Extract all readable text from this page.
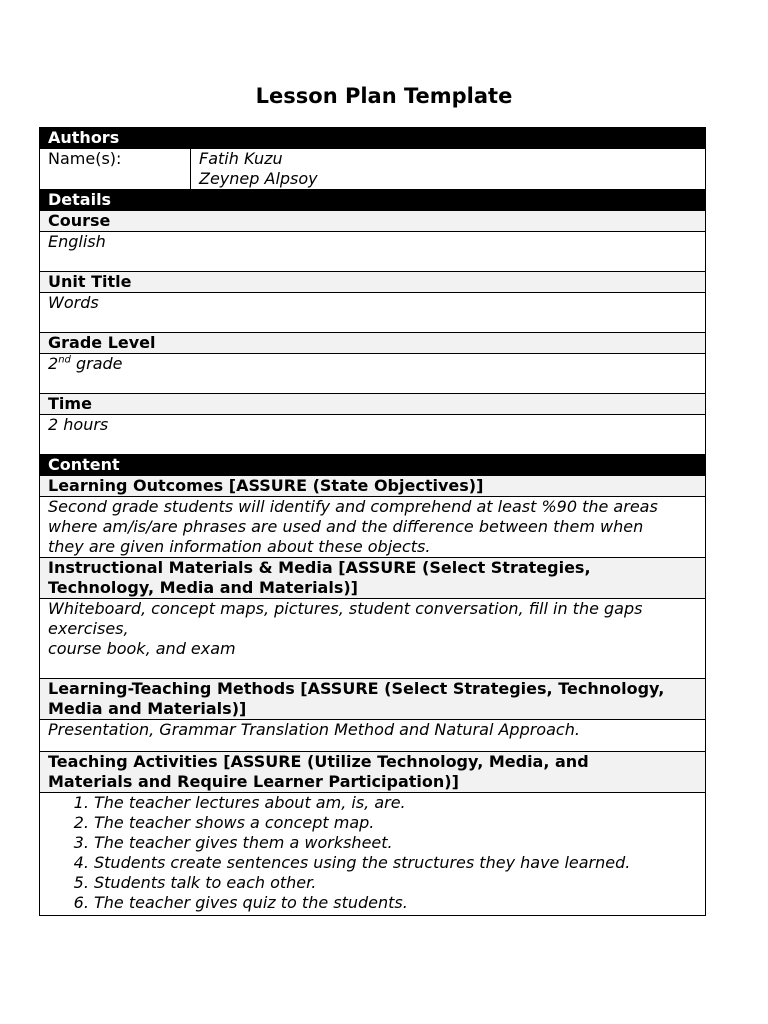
Lesson Plan Template
Authors
Name(s):	Fatih Kuzu
Zeynep Alpsoy

Details
Course
English
Unit Title
Words
Grade Level
2nd grade
Time
2 hours
Content
Learning Outcomes [ASSURE (State Objectives)]
Second grade students will identify and comprehend at least %90 the areas where am/is/are phrases are used and the difference between them when they are given information about these objects.
Instructional Materials & Media [ASSURE (Select Strategies, Technology, Media and Materials)]

Whiteboard, concept maps, pictures, student conversation, fill in the gaps exercises,
course book, and exam

Learning-Teaching Methods [ASSURE (Select Strategies, Technology, Media and Materials)]
Presentation, Grammar Translation Method and Natural Approach.
Teaching Activities [ASSURE (Utilize Technology, Media, and Materials and Require Learner Participation)]

1. The teacher lectures about am, is, are.
2. The teacher shows a concept map.
3. The teacher gives them a worksheet.
4. Students create sentences using the structures they have learned.
5. Students talk to each other.
6. The teacher gives quiz to the students.
